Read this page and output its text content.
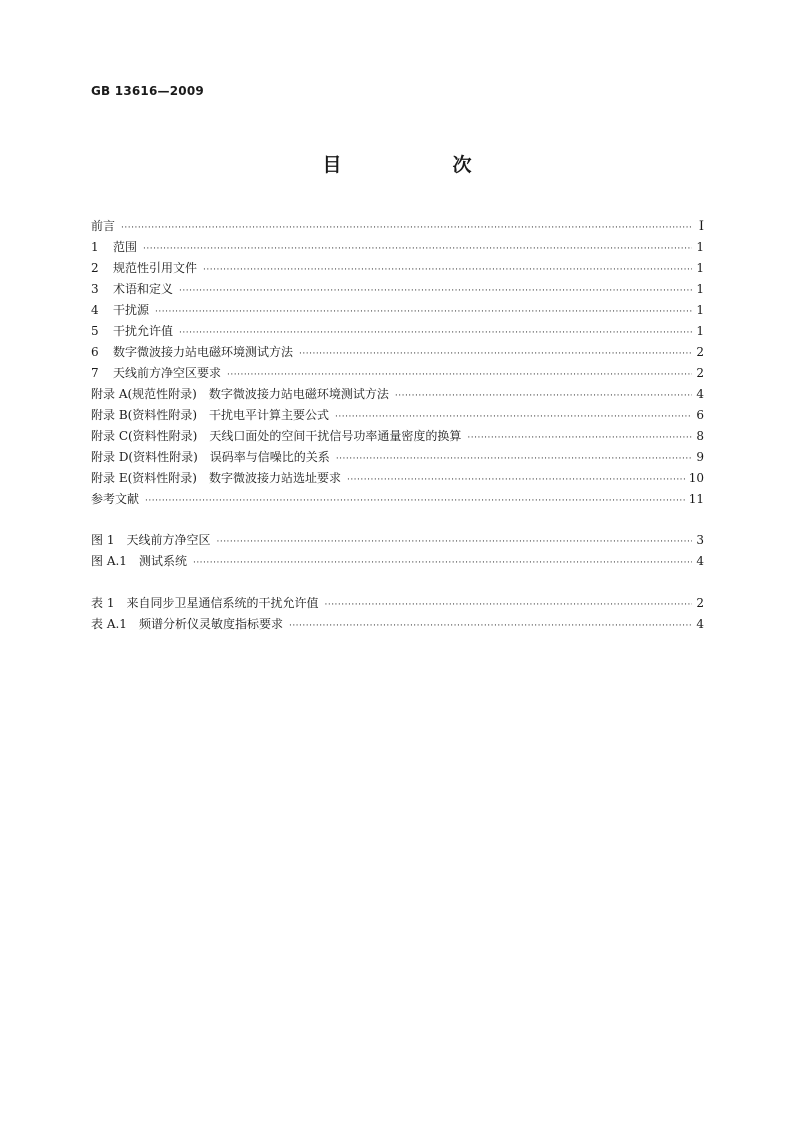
GB 13616—2009
目　次
前言 ·····	Ⅰ
1 范围 ·····	1
2 规范性引用文件 ·····	1
3 术语和定义 ·····	1
4 干扰源 ·····	1
5 干扰允许值 ·····	1
6 数字微波接力站电磁环境测试方法 ·····	2
7 天线前方净空区要求 ·····	2
附录 A(规范性附录)　数字微波接力站电磁环境测试方法 ·····	4
附录 B(资料性附录)　干扰电平计算主要公式 ·····	6
附录 C(资料性附录)　天线口面处的空间干扰信号功率通量密度的换算 ·····	8
附录 D(资料性附录)　误码率与信噪比的关系 ·····	9
附录 E(资料性附录)　数字微波接力站选址要求 ·····	10
参考文献 ·····	11
图 1 天线前方净空区 ·····	3
图 A.1 测试系统 ·····	4
表 1 来自同步卫星通信系统的干扰允许值 ·····	2
表 A.1 频谱分析仪灵敏度指标要求 ·····	4
